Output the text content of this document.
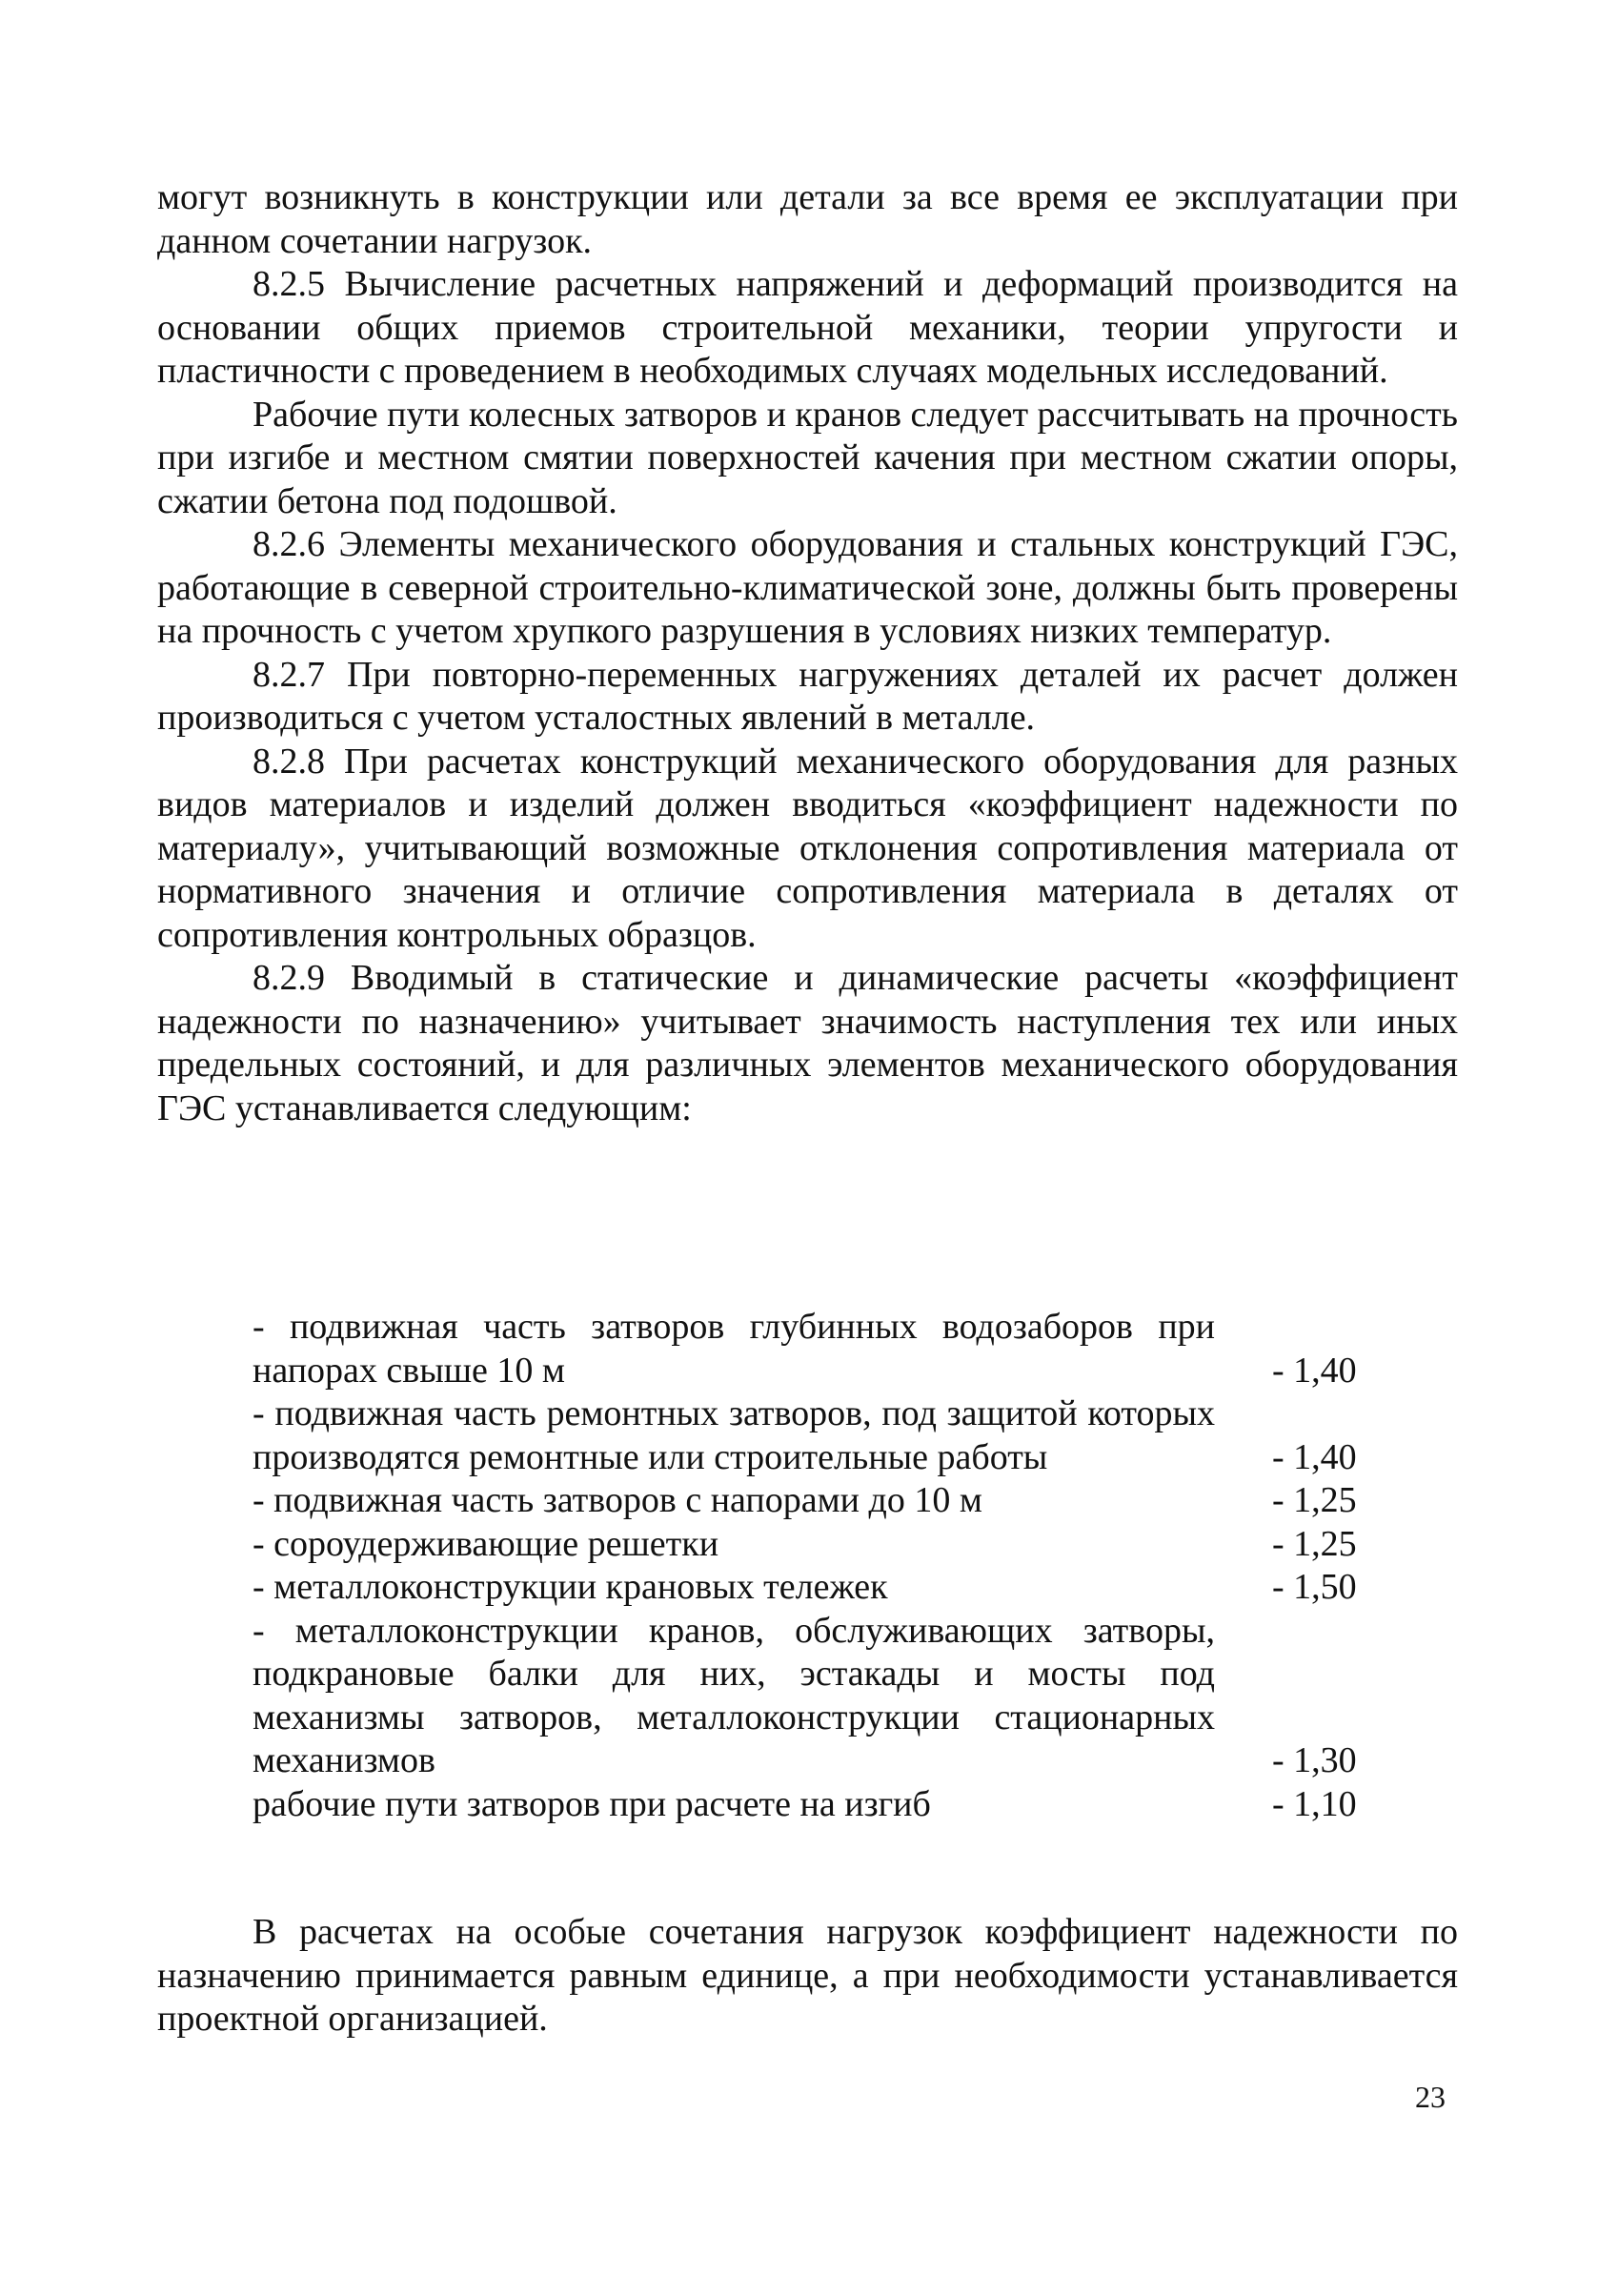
могут возникнуть в конструкции или детали за все время ее эксплуатации при данном сочетании нагрузок.

8.2.5 Вычисление расчетных напряжений и деформаций производится на основании общих приемов строительной механики, теории упругости и пластичности с проведением в необходимых случаях модельных исследований.

Рабочие пути колесных затворов и кранов следует рассчитывать на прочность при изгибе и местном смятии поверхностей качения при местном сжатии опоры, сжатии бетона под подошвой.

8.2.6 Элементы механического оборудования и стальных конструкций ГЭС, работающие в северной строительно-климатической зоне, должны быть проверены на прочность с учетом хрупкого разрушения в условиях низких температур.

8.2.7 При повторно-переменных нагружениях деталей их расчет должен производиться с учетом усталостных явлений в металле.

8.2.8 При расчетах конструкций механического оборудования для разных видов материалов и изделий должен вводиться «коэффициент надежности по материалу», учитывающий возможные отклонения сопротивления материала от нормативного значения и отличие сопротивления материала в деталях от сопротивления контрольных образцов.

8.2.9 Вводимый в статические и динамические расчеты «коэффициент надежности по назначению» учитывает значимость наступления тех или иных предельных состояний, и для различных элементов механического оборудования ГЭС устанавливается следующим:

- подвижная часть затворов глубинных водозаборов при напорах свыше 10 м	- 1,40
- подвижная часть ремонтных затворов, под защитой которых производятся ремонтные или строительные работы	- 1,40
- подвижная часть затворов с напорами до 10 м	- 1,25
- сороудерживающие решетки	- 1,25
- металлоконструкции крановых тележек	- 1,50
- металлоконструкции кранов, обслуживающих затворы, подкрановые балки для них, эстакады и мосты под механизмы затворов, металлоконструкции стационарных механизмов	- 1,30
рабочие пути затворов при расчете на изгиб	- 1,10

В расчетах на особые сочетания нагрузок коэффициент надежности по назначению принимается равным единице, а при необходимости устанавливается проектной организацией.

23
